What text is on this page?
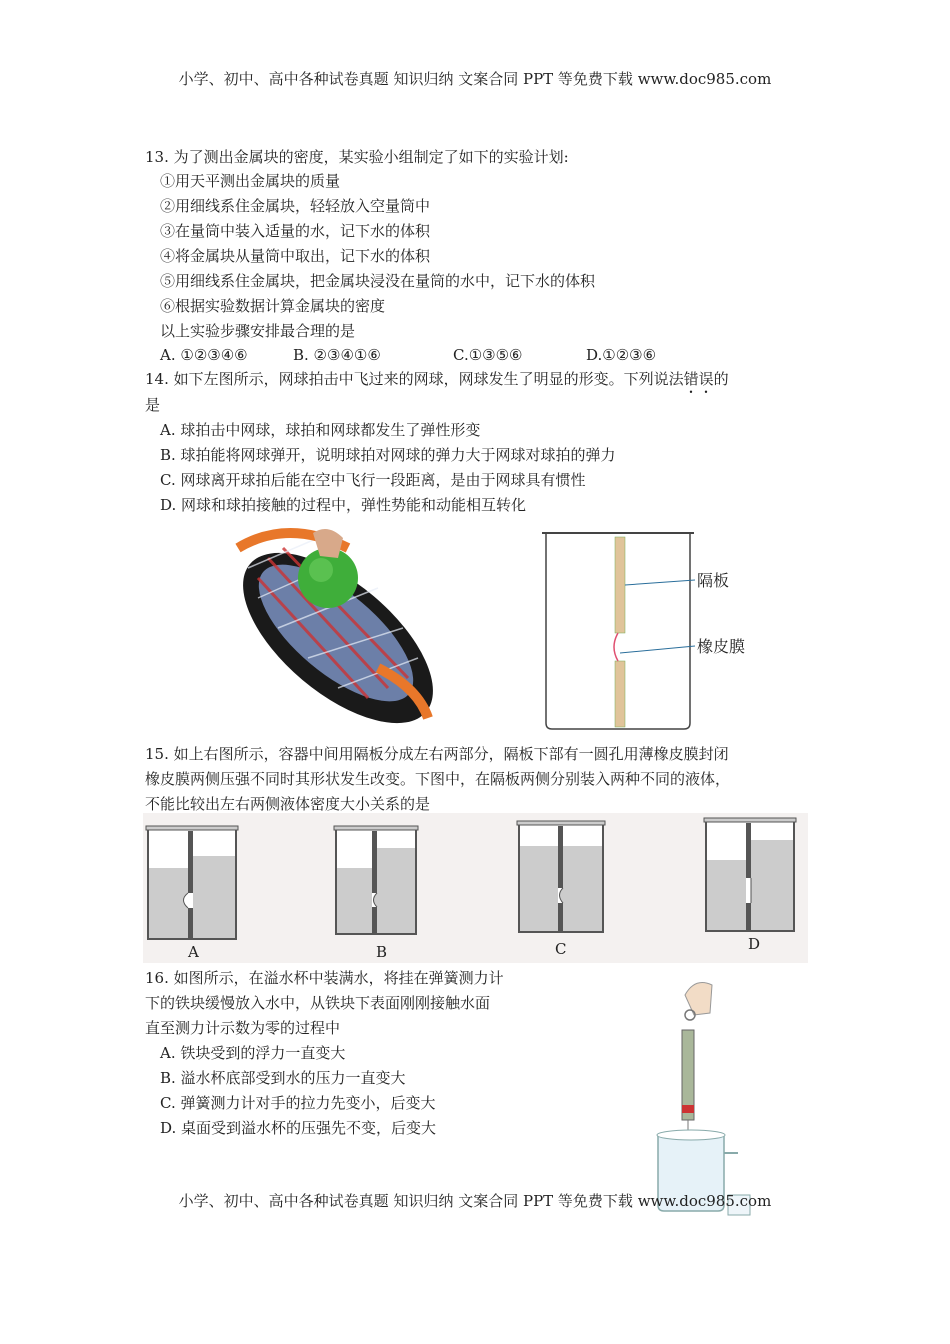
小学、初中、高中各种试卷真题 知识归纳 文案合同 PPT 等免费下载 www.doc985.com
13. 为了测出金属块的密度，某实验小组制定了如下的实验计划:
①用天平测出金属块的质量
②用细线系住金属块，轻轻放入空量筒中
③在量筒中装入适量的水，记下水的体积
④将金属块从量筒中取出，记下水的体积
⑤用细线系住金属块，把金属块浸没在量筒的水中，记下水的体积
⑥根据实验数据计算金属块的密度
以上实验步骤安排最合理的是
A. ①②③④⑥	B. ②③④①⑥	C.①③⑤⑥	D.①②③⑥
14. 如下左图所示，网球拍击中飞过来的网球，网球发生了明显的形变。下列说法错误的
是
A. 球拍击中网球，球拍和网球都发生了弹性形变
B. 球拍能将网球弹开，说明球拍对网球的弹力大于网球对球拍的弹力
C. 网球离开球拍后能在空中飞行一段距离，是由于网球具有惯性
D. 网球和球拍接触的过程中，弹性势能和动能相互转化
隔板
橡皮膜
15. 如上右图所示，容器中间用隔板分成左右两部分，隔板下部有一圆孔用薄橡皮膜封闭
橡皮膜两侧压强不同时其形状发生改变。下图中，在隔板两侧分别装入两种不同的液体，
不能比较出左右两侧液体密度大小关系的是
A	B	C	D
16. 如图所示，在溢水杯中装满水，将挂在弹簧测力计
下的铁块缓慢放入水中，从铁块下表面刚刚接触水面
直至测力计示数为零的过程中
A. 铁块受到的浮力一直变大
B. 溢水杯底部受到水的压力一直变大
C. 弹簧测力计对手的拉力先变小，后变大
D. 桌面受到溢水杯的压强先不变，后变大
小学、初中、高中各种试卷真题 知识归纳 文案合同 PPT 等免费下载 www.doc985.com
